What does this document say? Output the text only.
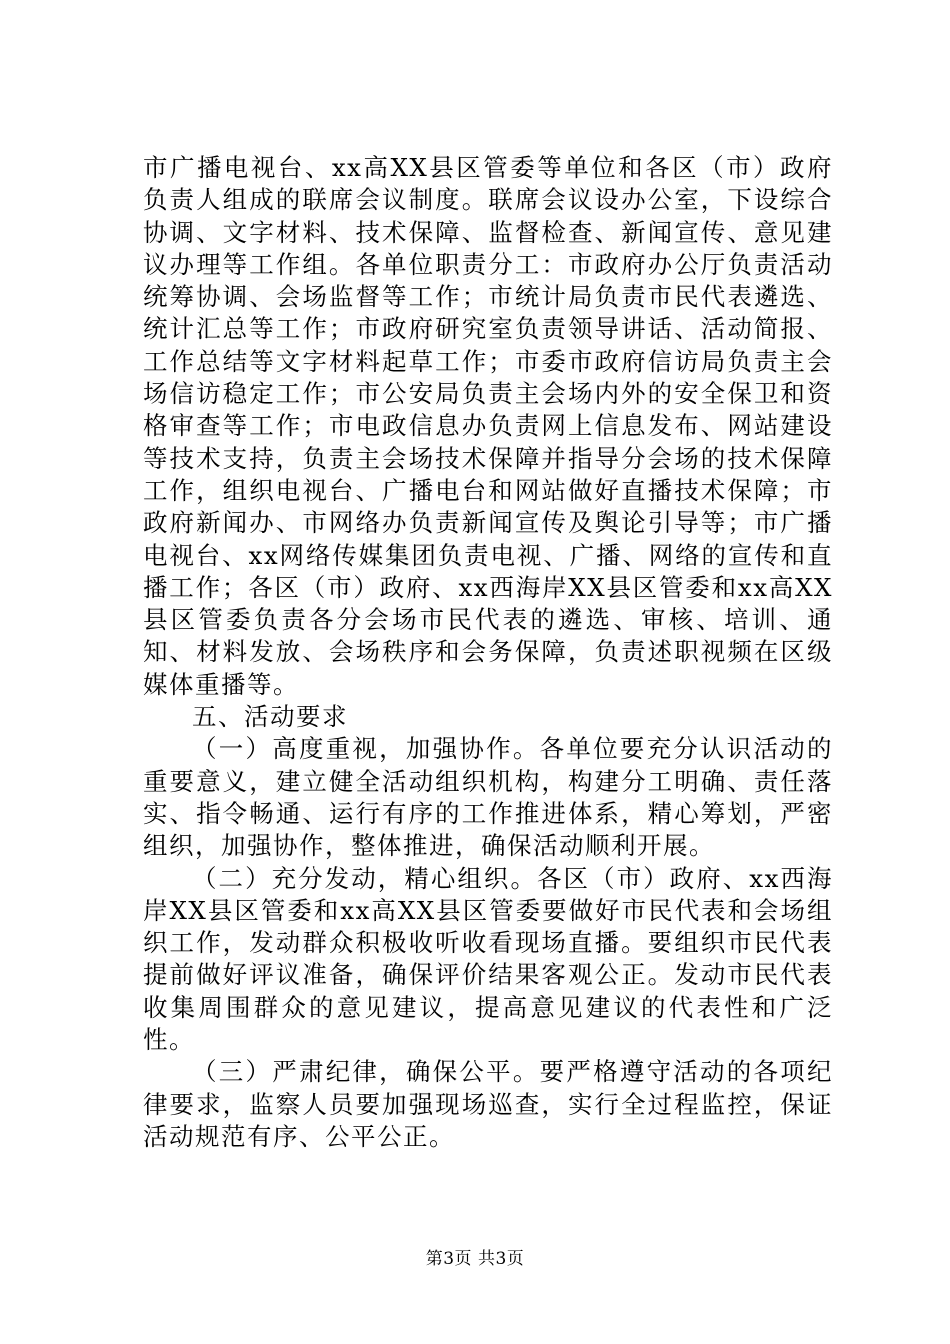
市广播电视台、xx高XX县区管委等单位和各区（市）政府负责人组成的联席会议制度。联席会议设办公室，下设综合协调、文字材料、技术保障、监督检查、新闻宣传、意见建议办理等工作组。各单位职责分工：市政府办公厅负责活动统筹协调、会场监督等工作；市统计局负责市民代表遴选、统计汇总等工作；市政府研究室负责领导讲话、活动简报、工作总结等文字材料起草工作；市委市政府信访局负责主会场信访稳定工作；市公安局负责主会场内外的安全保卫和资格审查等工作；市电政信息办负责网上信息发布、网站建设等技术支持，负责主会场技术保障并指导分会场的技术保障工作，组织电视台、广播电台和网站做好直播技术保障；市政府新闻办、市网络办负责新闻宣传及舆论引导等；市广播电视台、xx网络传媒集团负责电视、广播、网络的宣传和直播工作；各区（市）政府、xx西海岸XX县区管委和xx高XX县区管委负责各分会场市民代表的遴选、审核、培训、通知、材料发放、会场秩序和会务保障，负责述职视频在区级媒体重播等。

五、活动要求

（一）高度重视，加强协作。各单位要充分认识活动的重要意义，建立健全活动组织机构，构建分工明确、责任落实、指令畅通、运行有序的工作推进体系，精心筹划，严密组织，加强协作，整体推进，确保活动顺利开展。

（二）充分发动，精心组织。各区（市）政府、xx西海岸XX县区管委和xx高XX县区管委要做好市民代表和会场组织工作，发动群众积极收听收看现场直播。要组织市民代表提前做好评议准备，确保评价结果客观公正。发动市民代表收集周围群众的意见建议，提高意见建议的代表性和广泛性。

（三）严肃纪律，确保公平。要严格遵守活动的各项纪律要求，监察人员要加强现场巡查，实行全过程监控，保证活动规范有序、公平公正。

第3页 共3页
